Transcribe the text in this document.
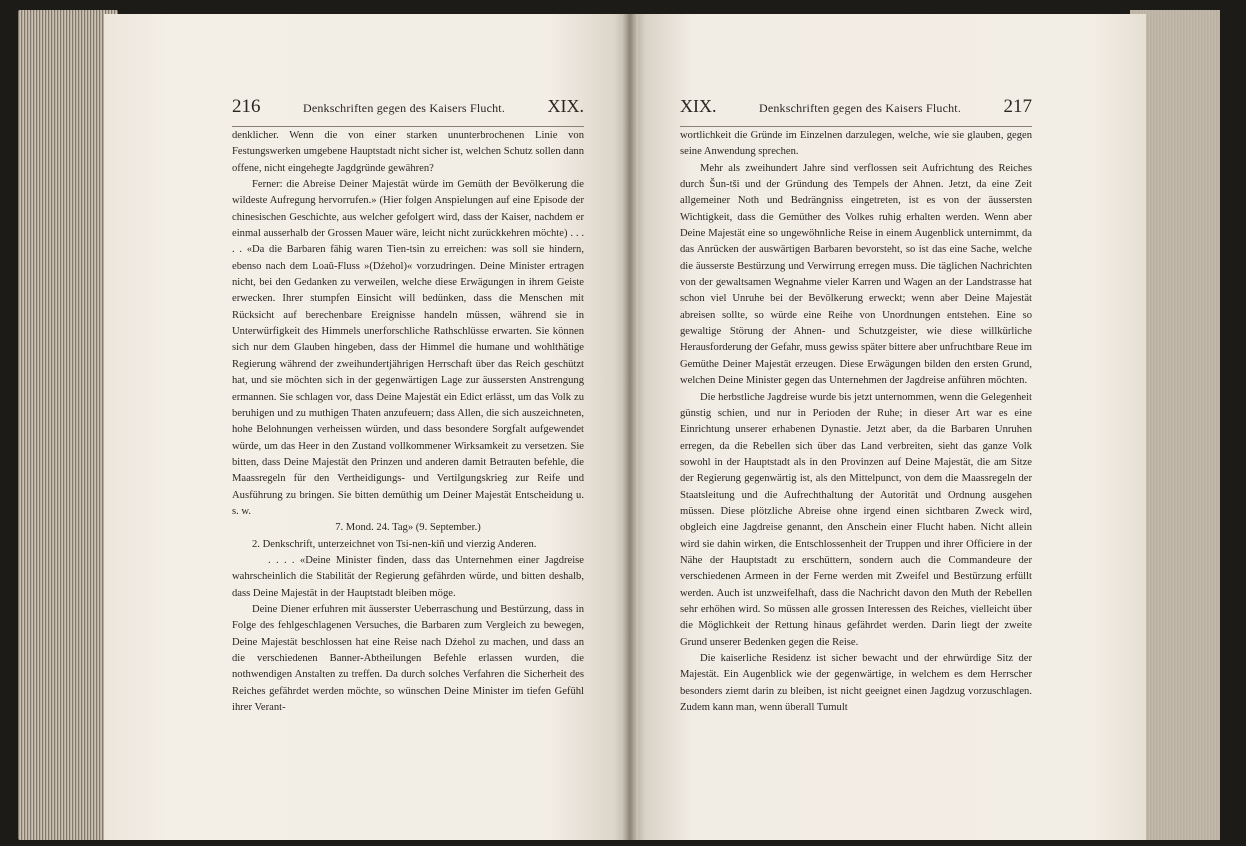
216	Denkschriften gegen des Kaisers Flucht. XIX.

denklicher. Wenn die von einer starken ununterbrochenen Linie von Festungswerken umgebene Hauptstadt nicht sicher ist, welchen Schutz sollen dann offene, nicht eingehegte Jagdgründe gewähren?

Ferner: die Abreise Deiner Majestät würde im Gemüth der Bevölkerung die wildeste Aufregung hervorrufen.» (Hier folgen Anspielungen auf eine Episode der chinesischen Geschichte, aus welcher gefolgert wird, dass der Kaiser, nachdem er einmal ausserhalb der Grossen Mauer wäre, leicht nicht zurückkehren möchte) . . . . . «Da die Barbaren fähig waren Tien-tsin zu erreichen: was soll sie hindern, ebenso nach dem Loaŭ-Fluss »(Dźehol)« vorzudringen. Deine Minister ertragen nicht, bei den Gedanken zu verweilen, welche diese Erwägungen in ihrem Geiste erwecken. Ihrer stumpfen Einsicht will bedünken, dass die Menschen mit Rücksicht auf berechenbare Ereignisse handeln müssen, während sie in Unterwürfigkeit des Himmels unerforschliche Rathschlüsse erwarten. Sie können sich nur dem Glauben hingeben, dass der Himmel die humane und wohlthätige Regierung während der zweihundertjährigen Herrschaft über das Reich geschützt hat, und sie möchten sich in der gegenwärtigen Lage zur äussersten Anstrengung ermannen. Sie schlagen vor, dass Deine Majestät ein Edict erlässt, um das Volk zu beruhigen und zu muthigen Thaten anzufeuern; dass Allen, die sich auszeichneten, hohe Belohnungen verheissen würden, und dass besondere Sorgfalt aufgewendet würde, um das Heer in den Zustand vollkommener Wirksamkeit zu versetzen. Sie bitten, dass Deine Majestät den Prinzen und anderen damit Betrauten befehle, die Maassregeln für den Vertheidigungs- und Vertilgungskrieg zur Reife und Ausführung zu bringen. Sie bitten demüthig um Deiner Majestät Entscheidung u. s. w.

7. Mond. 24. Tag» (9. September.)

2. Denkschrift, unterzeichnet von Tsi-nen-kiñ und vierzig Anderen.

. . . . «Deine Minister finden, dass das Unternehmen einer Jagdreise wahrscheinlich die Stabilität der Regierung gefährden würde, und bitten deshalb, dass Deine Majestät in der Hauptstadt bleiben möge.

Deine Diener erfuhren mit äusserster Ueberraschung und Bestürzung, dass in Folge des fehlgeschlagenen Versuches, die Barbaren zum Vergleich zu bewegen, Deine Majestät beschlossen hat eine Reise nach Dźehol zu machen, und dass an die verschiedenen Banner-Abtheilungen Befehle erlassen wurden, die nothwendigen Anstalten zu treffen. Da durch solches Verfahren die Sicherheit des Reiches gefährdet werden möchte, so wünschen Deine Minister im tiefen Gefühl ihrer Verant-

XIX.	Denkschriften gegen des Kaisers Flucht. 217

wortlichkeit die Gründe im Einzelnen darzulegen, welche, wie sie glauben, gegen seine Anwendung sprechen.

Mehr als zweihundert Jahre sind verflossen seit Aufrichtung des Reiches durch Šun-tši und der Gründung des Tempels der Ahnen. Jetzt, da eine Zeit allgemeiner Noth und Bedrängniss eingetreten, ist es von der äussersten Wichtigkeit, dass die Gemüther des Volkes ruhig erhalten werden. Wenn aber Deine Majestät eine so ungewöhnliche Reise in einem Augenblick unternimmt, da das Anrücken der auswärtigen Barbaren bevorsteht, so ist das eine Sache, welche die äusserste Bestürzung und Verwirrung erregen muss. Die täglichen Nachrichten von der gewaltsamen Wegnahme vieler Karren und Wagen an der Landstrasse hat schon viel Unruhe bei der Bevölkerung erweckt; wenn aber Deine Majestät abreisen sollte, so würde eine Reihe von Unordnungen entstehen. Eine so gewaltige Störung der Ahnen- und Schutzgeister, wie diese willkürliche Herausforderung der Gefahr, muss gewiss später bittere aber unfruchtbare Reue im Gemüthe Deiner Majestät erzeugen. Diese Erwägungen bilden den ersten Grund, welchen Deine Minister gegen das Unternehmen der Jagdreise anführen möchten.

Die herbstliche Jagdreise wurde bis jetzt unternommen, wenn die Gelegenheit günstig schien, und nur in Perioden der Ruhe; in dieser Art war es eine Einrichtung unserer erhabenen Dynastie. Jetzt aber, da die Barbaren Unruhen erregen, da die Rebellen sich über das Land verbreiten, sieht das ganze Volk sowohl in der Hauptstadt als in den Provinzen auf Deine Majestät, die am Sitze der Regierung gegenwärtig ist, als den Mittelpunct, von dem die Maassregeln der Staatsleitung und die Aufrechthaltung der Autorität und Ordnung ausgehen müssen. Diese plötzliche Abreise ohne irgend einen sichtbaren Zweck wird, obgleich eine Jagdreise genannt, den Anschein einer Flucht haben. Nicht allein wird sie dahin wirken, die Entschlossenheit der Truppen und ihrer Officiere in der Nähe der Hauptstadt zu erschüttern, sondern auch die Commandeure der verschiedenen Armeen in der Ferne werden mit Zweifel und Bestürzung erfüllt werden. Auch ist unzweifelhaft, dass die Nachricht davon den Muth der Rebellen sehr erhöhen wird. So müssen alle grossen Interessen des Reiches, vielleicht über die Möglichkeit der Rettung hinaus gefährdet werden. Darin liegt der zweite Grund unserer Bedenken gegen die Reise.

Die kaiserliche Residenz ist sicher bewacht und der ehrwürdige Sitz der Majestät. Ein Augenblick wie der gegenwärtige, in welchem es dem Herrscher besonders ziemt darin zu bleiben, ist nicht geeignet einen Jagdzug vorzuschlagen. Zudem kann man, wenn überall Tumult
